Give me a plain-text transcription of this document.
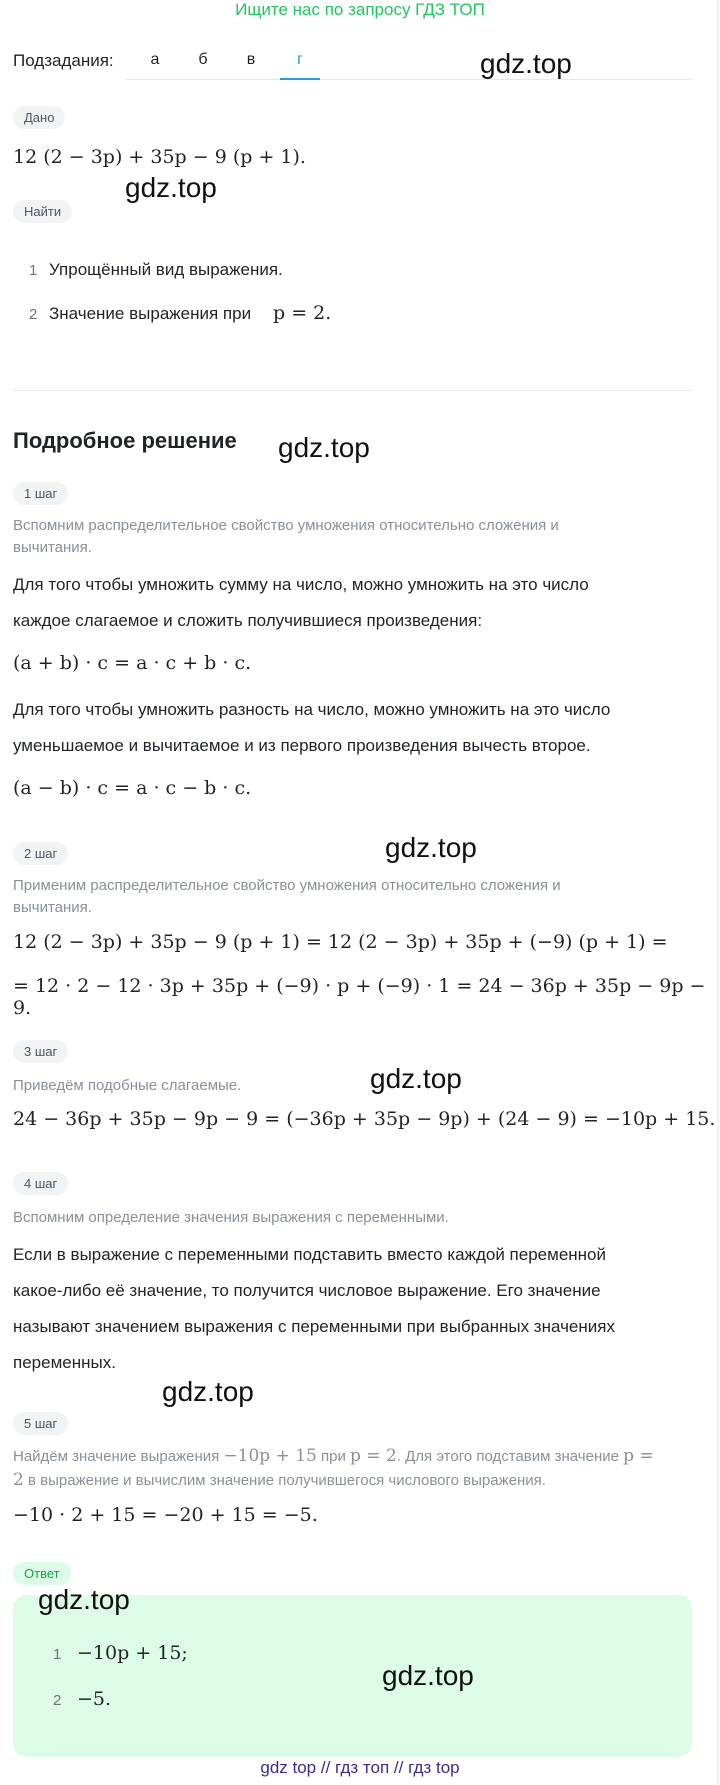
Ищите нас по запросу ГДЗ ТОП
Подзадания:	а	б	в	г	gdz.top
Дано
12 (2 − 3p) + 35p − 9 (p + 1).
gdz.top
Найти
1 Упрощённый вид выражения.
2 Значение выражения при p = 2.
Подробное решение gdz.top
1 шаг
Вспомним распределительное свойство умножения относительно сложения и
вычитания.
Для того чтобы умножить сумму на число, можно умножить на это число
каждое слагаемое и сложить получившиеся произведения:
(a + b) · c = a · c + b · c.
Для того чтобы умножить разность на число, можно умножить на это число
уменьшаемое и вычитаемое и из первого произведения вычесть второе.
(a − b) · c = a · c − b · c.
2 шаг	gdz.top
Применим распределительное свойство умножения относительно сложения и
вычитания.
12 (2 − 3p) + 35p − 9 (p + 1) = 12 (2 − 3p) + 35p + (−9) (p + 1) =
= 12 · 2 − 12 · 3p + 35p + (−9) · p + (−9) · 1 = 24 − 36p + 35p − 9p − 9.
3 шаг
gdz.top
Приведём подобные слагаемые.
24 − 36p + 35p − 9p − 9 = (−36p + 35p − 9p) + (24 − 9) = −10p + 15.
4 шаг
Вспомним определение значения выражения с переменными.
Если в выражение с переменными подставить вместо каждой переменной
какое-либо её значение, то получится числовое выражение. Его значение
называют значением выражения с переменными при выбранных значениях
переменных.
gdz.top
5 шаг
Найдём значение выражения −10p + 15 при p = 2. Для этого подставим значение p =
2 в выражение и вычислим значение получившегося числового выражения.
−10 · 2 + 15 = −20 + 15 = −5.
Ответ
gdz.top
1 −10p + 15;
gdz.top
2 −5.
gdz top // гдз топ // гдз top
